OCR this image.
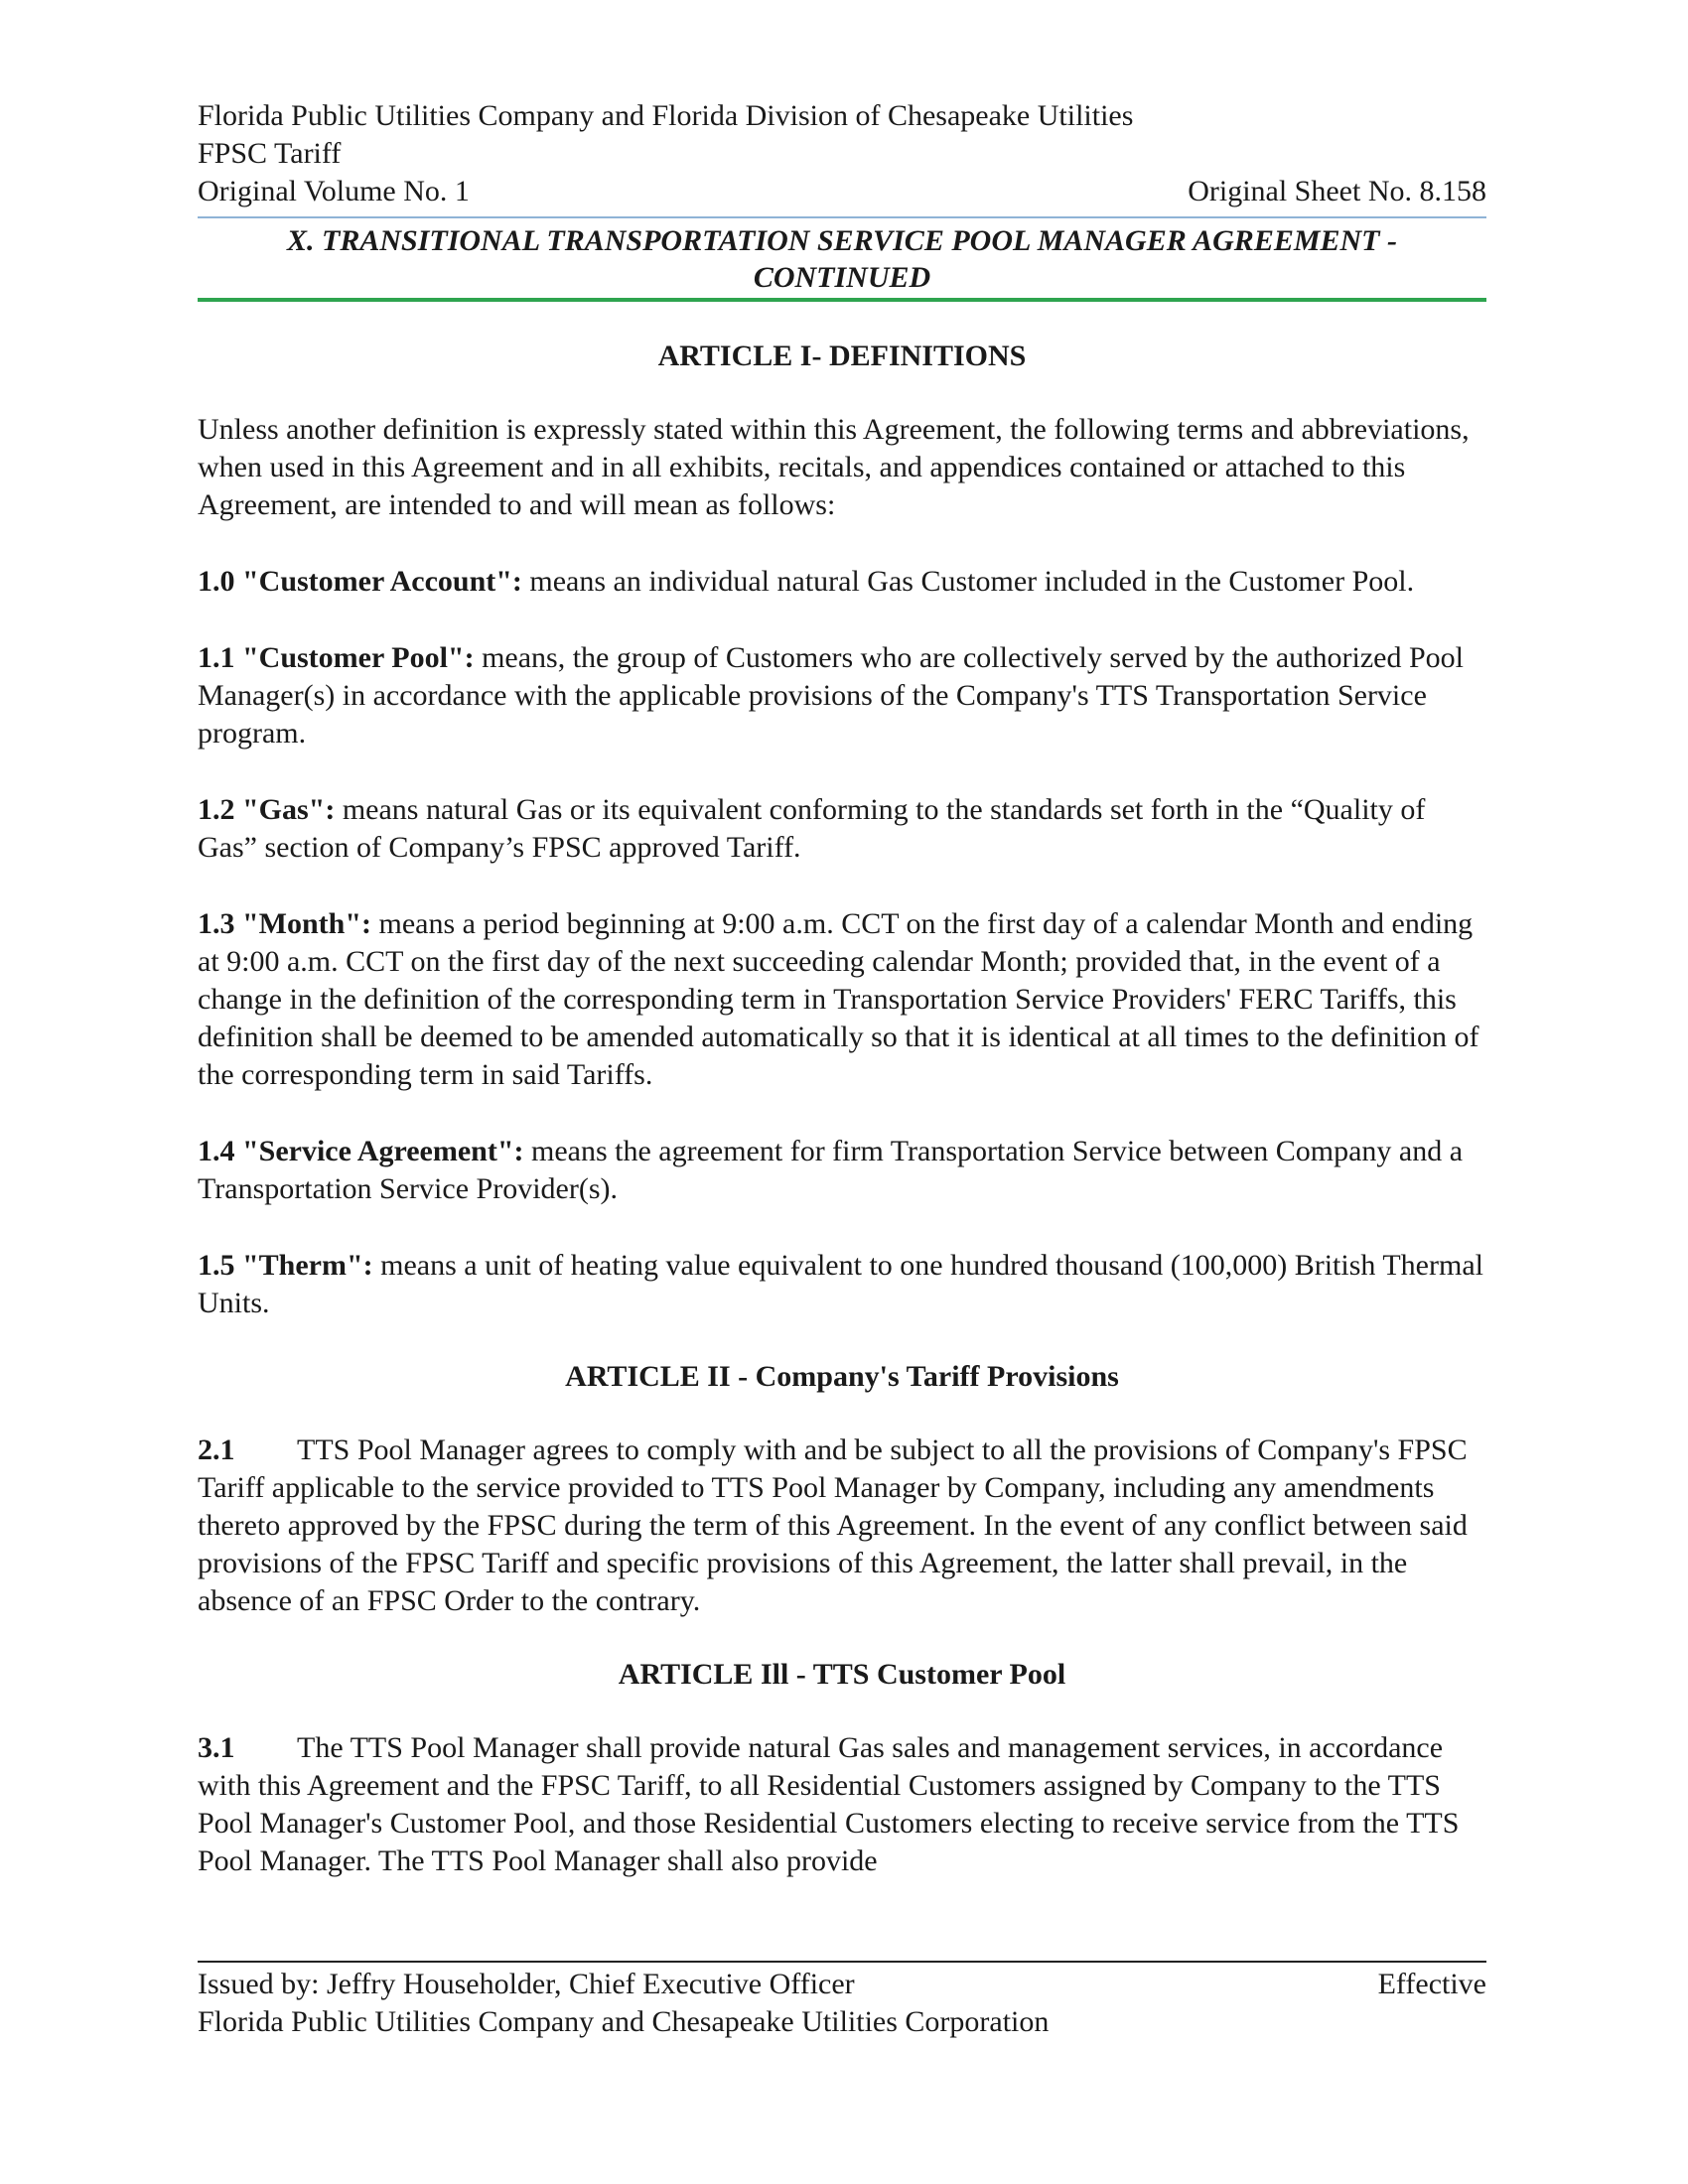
Florida Public Utilities Company and Florida Division of Chesapeake Utilities
FPSC Tariff
Original Volume No. 1	Original Sheet No. 8.158
X. TRANSITIONAL TRANSPORTATION SERVICE POOL MANAGER AGREEMENT - CONTINUED
ARTICLE I- DEFINITIONS

Unless another definition is expressly stated within this Agreement, the following terms and abbreviations, when used in this Agreement and in all exhibits, recitals, and appendices contained or attached to this Agreement, are intended to and will mean as follows:

1.0 "Customer Account": means an individual natural Gas Customer included in the Customer Pool.

1.1 "Customer Pool": means, the group of Customers who are collectively served by the authorized Pool Manager(s) in accordance with the applicable provisions of the Company's TTS Transportation Service program.

1.2 "Gas": means natural Gas or its equivalent conforming to the standards set forth in the “Quality of Gas” section of Company’s FPSC approved Tariff.

1.3 "Month": means a period beginning at 9:00 a.m. CCT on the first day of a calendar Month and ending at 9:00 a.m. CCT on the first day of the next succeeding calendar Month; provided that, in the event of a change in the definition of the corresponding term in Transportation Service Providers' FERC Tariffs, this definition shall be deemed to be amended automatically so that it is identical at all times to the definition of the corresponding term in said Tariffs.

1.4 "Service Agreement": means the agreement for firm Transportation Service between Company and a Transportation Service Provider(s).

1.5 "Therm": means a unit of heating value equivalent to one hundred thousand (100,000) British Thermal Units.

ARTICLE II - Company's Tariff Provisions

2.1 TTS Pool Manager agrees to comply with and be subject to all the provisions of Company's FPSC Tariff applicable to the service provided to TTS Pool Manager by Company, including any amendments thereto approved by the FPSC during the term of this Agreement. In the event of any conflict between said provisions of the FPSC Tariff and specific provisions of this Agreement, the latter shall prevail, in the absence of an FPSC Order to the contrary.

ARTICLE Ill - TTS Customer Pool

3.1 The TTS Pool Manager shall provide natural Gas sales and management services, in accordance with this Agreement and the FPSC Tariff, to all Residential Customers assigned by Company to the TTS Pool Manager's Customer Pool, and those Residential Customers electing to receive service from the TTS Pool Manager. The TTS Pool Manager shall also provide

Issued by: Jeffry Householder, Chief Executive Officer	Effective
Florida Public Utilities Company and Chesapeake Utilities Corporation
